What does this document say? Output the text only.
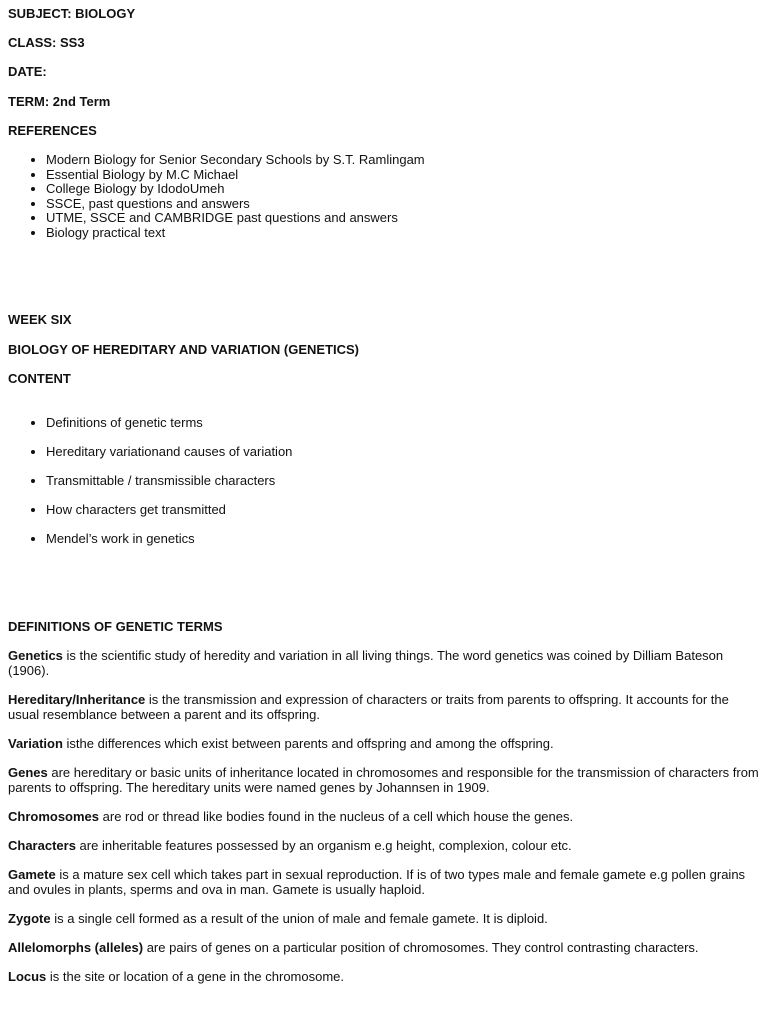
SUBJECT: BIOLOGY

CLASS: SS3

DATE:

TERM: 2nd Term

REFERENCES

• Modern Biology for Senior Secondary Schools by S.T. Ramlingam
• Essential Biology by M.C Michael
• College Biology by IdodoUmeh
• SSCE, past questions and answers
• UTME, SSCE and CAMBRIDGE past questions and answers
• Biology practical text

WEEK SIX

BIOLOGY OF HEREDITARY AND VARIATION (GENETICS)

CONTENT

• Definitions of genetic terms
• Hereditary variationand causes of variation
• Transmittable / transmissible characters
• How characters get transmitted
• Mendel’s work in genetics

DEFINITIONS OF GENETIC TERMS

Genetics is the scientific study of heredity and variation in all living things. The word genetics was coined by Dilliam Bateson (1906).

Hereditary/Inheritance is the transmission and expression of characters or traits from parents to offspring. It accounts for the usual resemblance between a parent and its offspring.

Variation isthe differences which exist between parents and offspring and among the offspring.

Genes are hereditary or basic units of inheritance located in chromosomes and responsible for the transmission of characters from parents to offspring. The hereditary units were named genes by Johannsen in 1909.

Chromosomes are rod or thread like bodies found in the nucleus of a cell which house the genes.

Characters are inheritable features possessed by an organism e.g height, complexion, colour etc.

Gamete is a mature sex cell which takes part in sexual reproduction. If is of two types male and female gamete e.g pollen grains and ovules in plants, sperms and ova in man. Gamete is usually haploid.

Zygote is a single cell formed as a result of the union of male and female gamete. It is diploid.

Allelomorphs (alleles) are pairs of genes on a particular position of chromosomes. They control contrasting characters.

Locus is the site or location of a gene in the chromosome.
